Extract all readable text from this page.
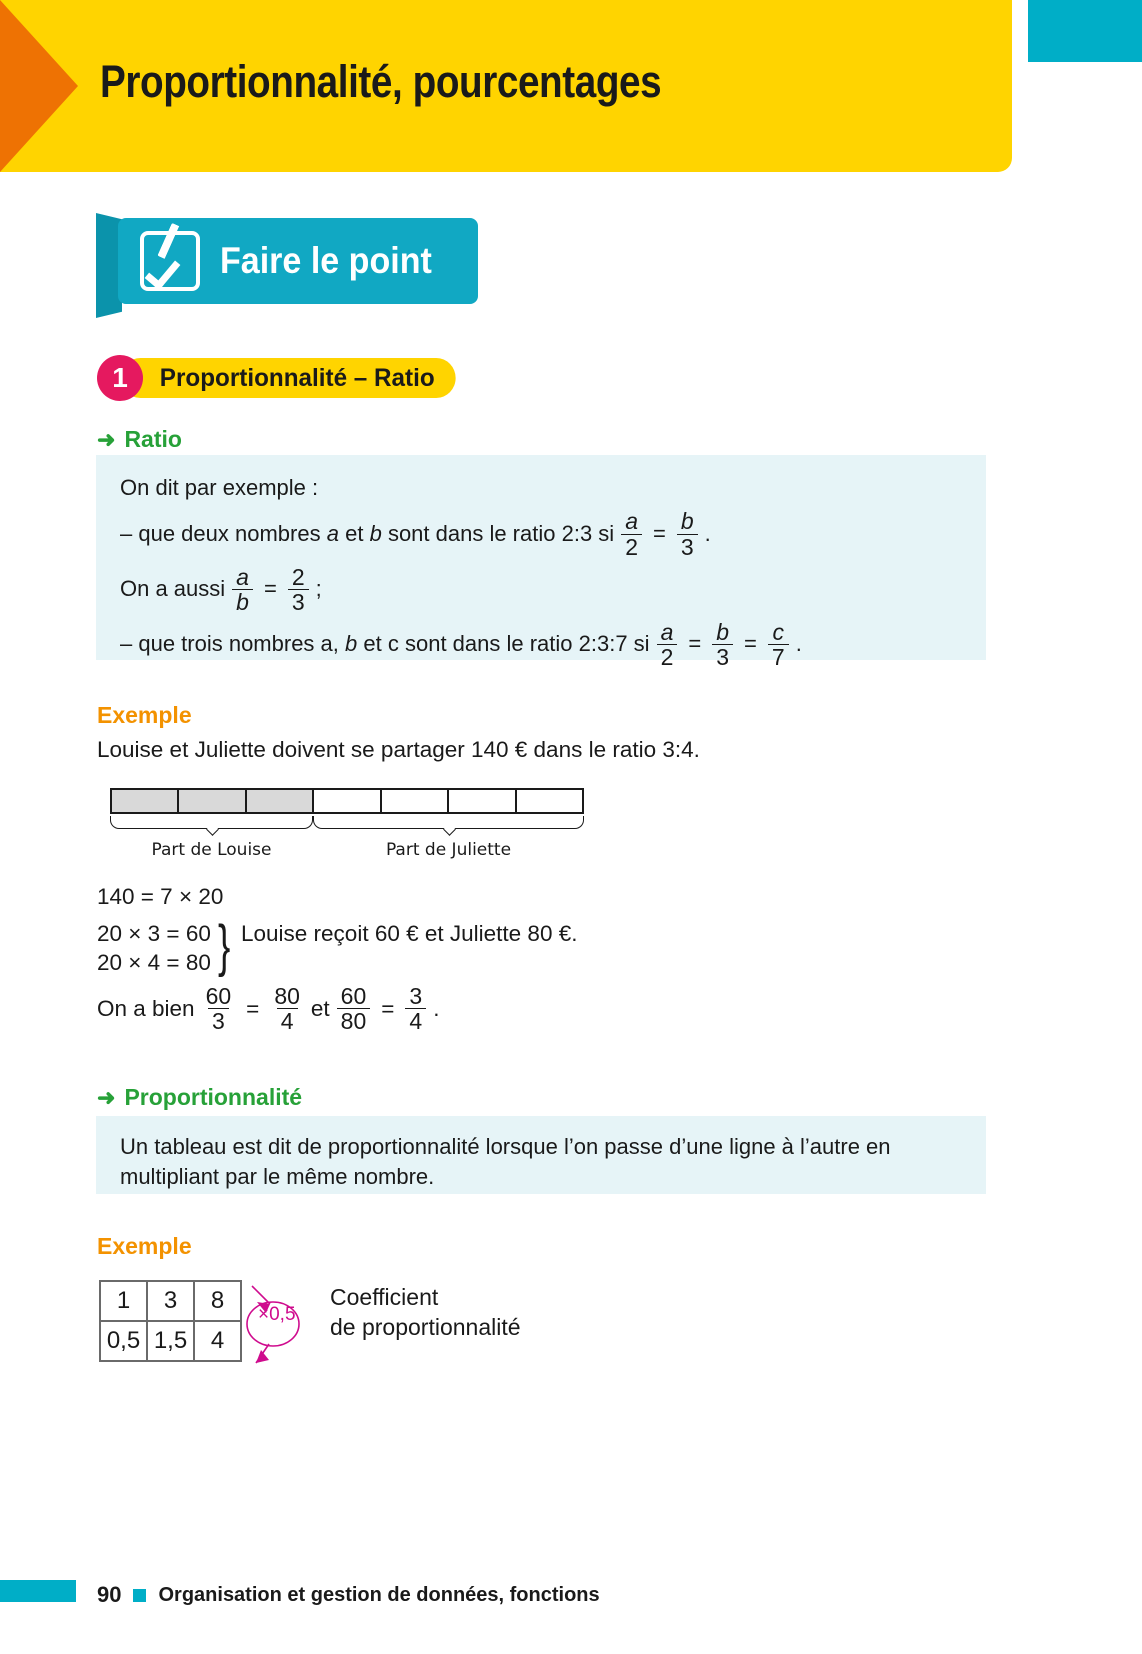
Proportionnalité, pourcentages
Faire le point
1	Proportionnalité – Ratio
➜ Ratio
On dit par exemple :
– que deux nombres
a
et
b
sont dans le ratio 2:3 si $\frac{a}{2} = \frac{b}{3}$ .
On a aussi $\frac{a}{b} = \frac{2}{3}$ ;
– que trois nombres a,
b
et c sont dans le ratio 2:3:7 si $\frac{a}{2} = \frac{b}{3} = \frac{c}{7}$ .
Exemple
Louise et Juliette doivent se partager 140 € dans le ratio 3:4.
Part de Louise	Part de Juliette
140 = 7 × 20
20 × 3 = 60
20 × 4 = 80 } Louise reçoit 60 € et Juliette 80 €.
On a bien $\frac{60}{3} = \frac{80}{4}$ et $\frac{60}{80} = \frac{3}{4}$ .
➜ Proportionnalité
Un tableau est dit de proportionnalité lorsque l’on passe d’une ligne à l’autre en multipliant par le même nombre.
Exemple
1	3	8
0,5	1,5	4
×0,5
Coefficient
de proportionnalité
90 Organisation et gestion de données, fonctions
